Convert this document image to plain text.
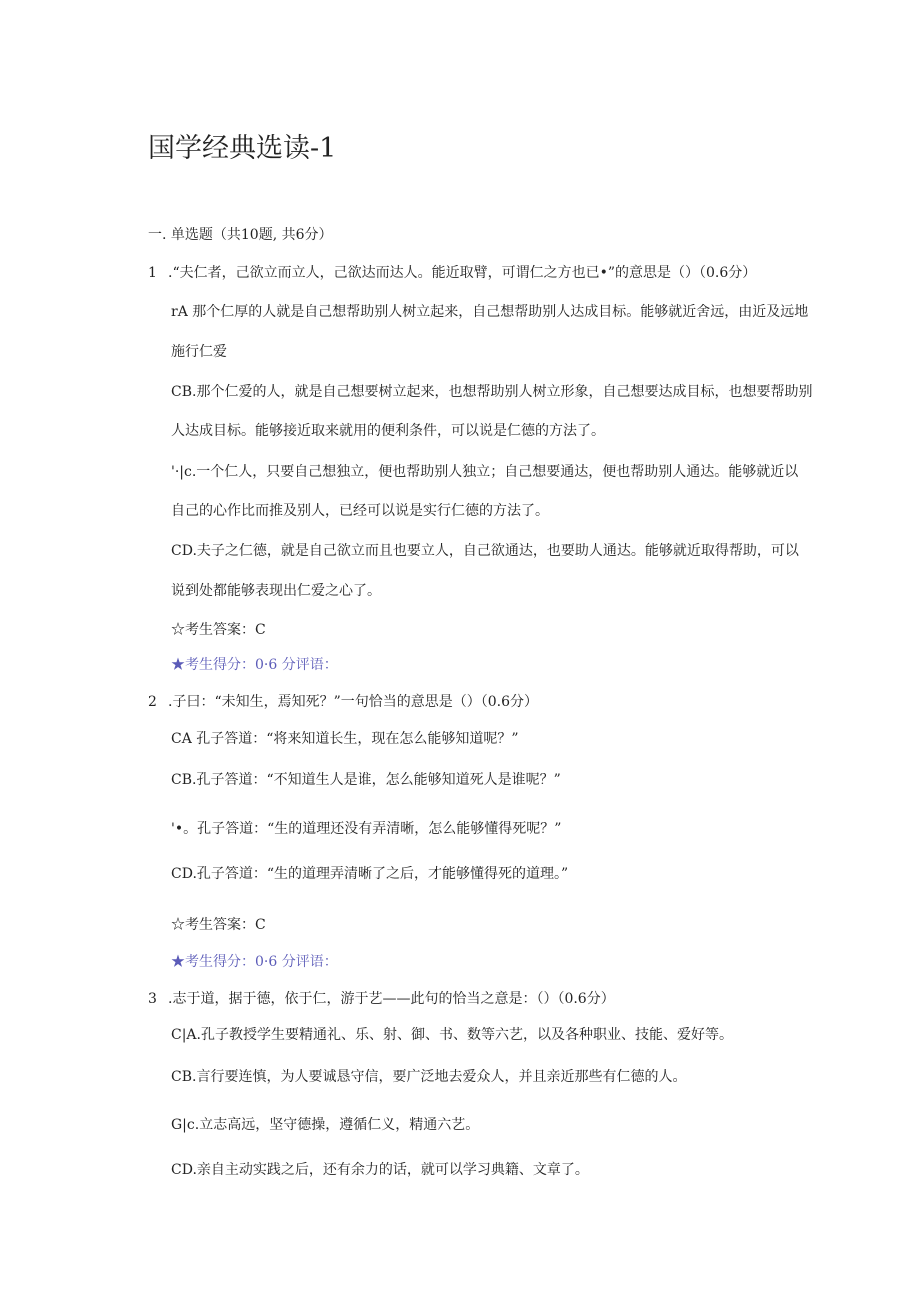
国学经典选读-1
一. 单选题（共10题, 共6分）
1 .“夫仁者，己欲立而立人，己欲达而达人。能近取臂，可谓仁之方也已•”的意思是（）（0.6分）
rA 那个仁厚的人就是自己想帮助别人树立起来，自己想帮助别人达成目标。能够就近舍远，由近及远地
施行仁爱
CB.那个仁爱的人，就是自己想要树立起来，也想帮助别人树立形象，自己想要达成目标，也想要帮助别
人达成目标。能够接近取来就用的便利条件，可以说是仁德的方法了。
'·|c.一个仁人，只要自己想独立，便也帮助别人独立；自己想要通达，便也帮助别人通达。能够就近以
自己的心作比而推及别人，已经可以说是实行仁德的方法了。
CD.夫子之仁德，就是自己欲立而且也要立人，自己欲通达，也要助人通达。能够就近取得帮助，可以
说到处都能够表现出仁爱之心了。
☆考生答案：C
★考生得分：0·6 分评语：
2 .子曰：“未知生，焉知死？”一句恰当的意思是（）（0.6分）
CA 孔子答道：“将来知道长生，现在怎么能够知道呢？”
CB.孔子答道：“不知道生人是谁，怎么能够知道死人是谁呢？”
'•。孔子答道：“生的道理还没有弄清晰，怎么能够懂得死呢？”
CD.孔子答道：“生的道理弄清晰了之后，才能够懂得死的道理。”
☆考生答案：C
★考生得分：0·6 分评语：
3 .志于道，据于德，依于仁，游于艺——此句的恰当之意是：（）（0.6分）
C|A.孔子教授学生要精通礼、乐、射、御、书、数等六艺，以及各种职业、技能、爱好等。
CB.言行要连慎，为人要诚恳守信，要广泛地去爱众人，并且亲近那些有仁德的人。
G|c.立志高远，坚守德操，遵循仁义，精通六艺。
CD.亲自主动实践之后，还有余力的话，就可以学习典籍、文章了。
